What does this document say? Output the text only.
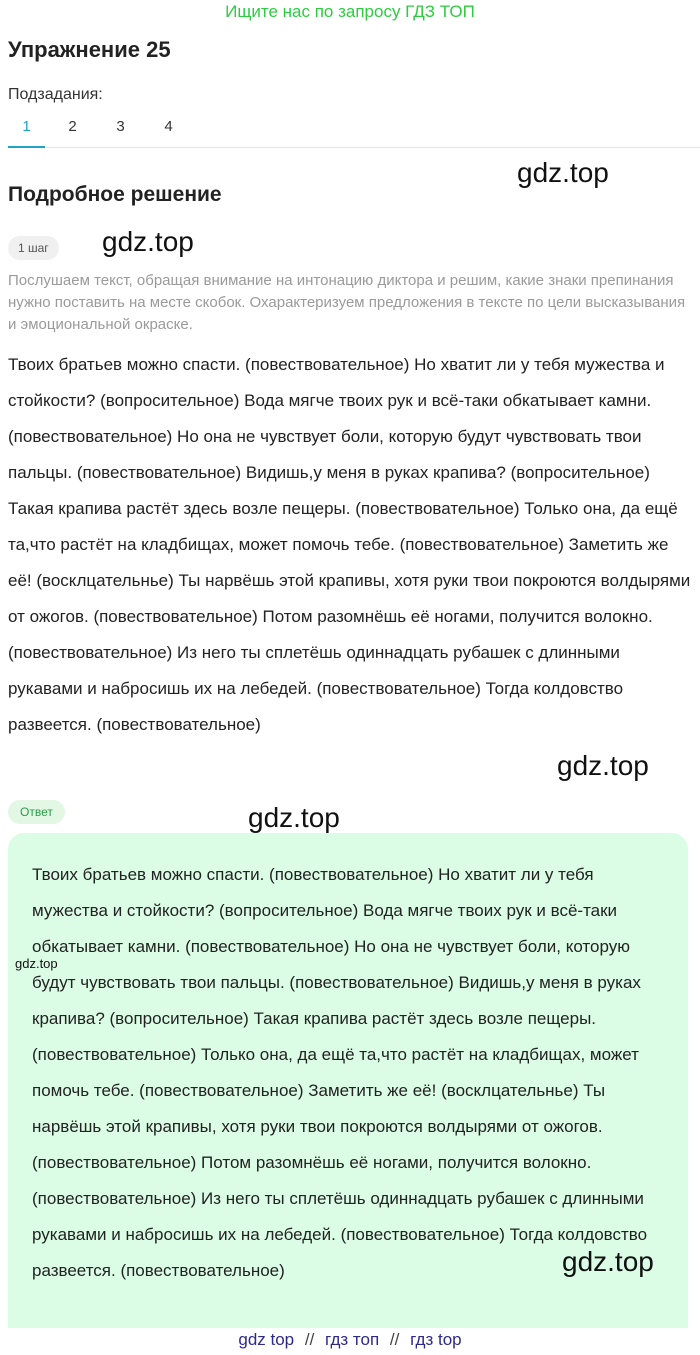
Ищите нас по запросу ГДЗ ТОП
Упражнение 25
Подзадания:
1	2	3	4
Подробное решение
gdz.top
gdz.top
1 шаг

Послушаем текст, обращая внимание на интонацию диктора и решим, какие знаки препинания нужно поставить на месте скобок. Охарактеризуем предложения в тексте по цели высказывания и эмоциональной окраске.

Твоих братьев можно спасти. (повествовательное) Но хватит ли у тебя мужества и стойкости? (вопросительное) Вода мягче твоих рук и всё-таки обкатывает камни. (повествовательное) Но она не чувствует боли, которую будут чувствовать твои пальцы. (повествовательное) Видишь,у меня в руках крапива? (вопросительное) Такая крапива растёт здесь возле пещеры. (повествовательное) Только она, да ещё та,что растёт на кладбищах, может помочь тебе. (повествовательное) Заметить же её! (восклцательнье) Ты нарвёшь этой крапивы, хотя руки твои покроются волдырями от ожогов. (повествовательное) Потом разомнёшь её ногами, получится волокно. (повествовательное) Из него ты сплетёшь одиннадцать рубашек с длинными рукавами и набросишь их на лебедей. (повествовательное) Тогда колдовство развеется. (повествовательное)

gdz.top
Ответ	gdz.top

Твоих братьев можно спасти. (повествовательное) Но хватит ли у тебя мужества и стойкости? (вопросительное) Вода мягче твоих рук и всё-таки обкатывает камни. (повествовательное) Но она не чувствует боли, которую будут чувствовать твои пальцы. (повествовательное) Видишь,у меня в руках крапива? (вопросительное) Такая крапива растёт здесь возле пещеры. (повествовательное) Только она, да ещё та,что растёт на кладбищах, может помочь тебе. (повествовательное) Заметить же её! (восклцательнье) Ты нарвёшь этой крапивы, хотя руки твои покроются волдырями от ожогов. (повествовательное) Потом разомнёшь её ногами, получится волокно. (повествовательное) Из него ты сплетёшь одиннадцать рубашек с длинными рукавами и набросишь их на лебедей. (повествовательное) Тогда колдовство развеется. (повествовательное)

gdz.top
gdz.top
gdz top // гдз топ // гдз top
